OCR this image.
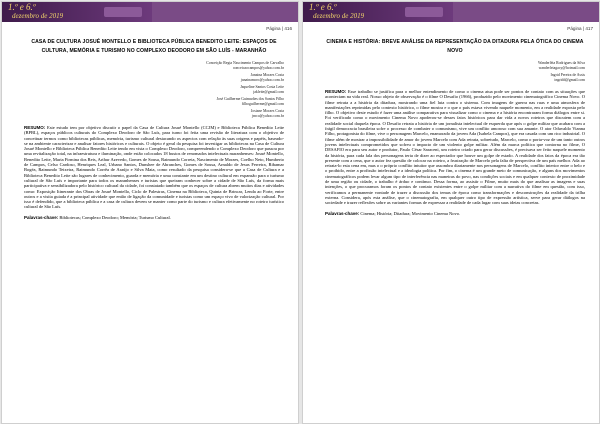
1.º e 6.º
dezembro de 2019
Página | 416
CASA DE CULTURA JOSUÉ MONTELLO E BIBLIOTECA PÚBLICA BENEDITO LEITE: ESPAÇOS DE CULTURA, MEMÓRIA E TURISMO NO COMPLEXO DEODORO EM SÃO LUÍS - MARANHÃO
Conceição Regia Nascimento Campos de Carvalho
conceicaocampos@yahoo.com.br
Janaina Moraes Costa
janainamorc@yahoo.com.br
Jaqueline Santos Costa Leite
jakleite@gmail.com
José Guilherme Guimarães dos Santos Filho
filhoguilherme@gmail.com
Josiane Moraes Costa
jmco@yahoo.com.br

RESUMO: Este estudo tem por objetivo discutir o papel da Casa de Cultura Josué Montello (CCJM) e Biblioteca Pública Benedito Leite (BPBL), espaços públicos culturais do Complexo Deodoro de São Luís, para turno foi feita uma revisão de literatura com o objetivo de conceituar termos como bibliotecas públicas, memória, turismo cultural destacando os aspectos com relação às suas origens e papéis, baseado-se na ambiente caracterizar e analisar fatores históricos e culturais. O objeto é geral da pesquisa foi investigar as bibliotecas na Casa de Cultura Josué Montello e Biblioteca Pública Benedito Leite tendo em vista o Complexo Deodoro, compreendendo o Complexo Deodoro que passou por uma revitalização total, na infraestrutura e iluminação, onde estão colocados 18 bustos de renomados intelectuais maranhenses: Josué Montello, Benedito Leite, Maria Firmina dos Reis, Arthur Azevedo, Gomes de Sousa, Raimundo Correia, Nascimento de Moraes, Coelho Neto, Humberto de Campos, Celso Cardoso, Henriques Leal, Urbano Santos, Dunshee de Abranches, Gomes de Sousa, Arnaldo de Jesus Ferreira, Ribamar Bogéa, Raimundo Teixeira, Raimundo Corrêa de Araújo e Silva Maia, como resultado da pesquisa considera-se que a Casa de Cultura e a Biblioteca Benedito Leite são lugares de conhecimento, guarda e memória e uma constante em um destino cultural em expansão para o turismo cultural de São Luís e importante para todos os maranhenses e turistas que queiram conhecer sobre a cidade de São Luís, da forma mais participativa e sensibilizadora pelo histórico cultural da cidade, foi constatado também que os espaços de cultura abrem muitos dias e atividades como: Exposição Itinerante dos Obras de Josué Montello, Ciclo de Palestras, Cinema na Biblioteca, Quinta de Brincar, Lenda ao Forte, entre outros e a visita guiada é a principal atividade que então de ligação da comunidade e turistas como um espaço vivo de valorização cultural. Por isso é defendido, que a biblioteca pública e a casa de cultura devem se manter como parte do turismo e cultura efetivamente no roteiro turístico cultural de São Luís.

Palavras-chave: Bibliotecas; Complexo Deodoro; Memória; Turismo Cultural.
1.º e 6.º
dezembro de 2019
Página | 417
CINEMA E HISTÓRIA: BREVE ANÁLISE DA REPRESENTAÇÃO DA DITADURA PELA ÓTICA DO CINEMA NOVO
Wanderléia Rodrigues da Silva
wanderleiagacy@hotmail.com
Ingrid Pereira de Assis
ingridd@gmail.com

RESUMO: Esse trabalho se justifica para o melhor entendimento de como o cinema atua pode ser pontos de contato com as situações que aconteciam na vida real. Nosso objeto de observação é o filme O Desafio (1966), produzido pelo movimento cinematográfico Cinema Novo. O filme retrata a a história da ditadura, mostrando uma fiel luta contra o sistema. Com imagens de guerra nas ruas e uma atmosfera de manifestações reprimidas pelo contexto histórico, o filme mostra e o que o país estava vivendo naquele momento, em a realidade exposta pelo filho. O objetivo deste estudo é fazer uma análise comparativa para visualizar como o cinema e a história encontraram forma diálogos entre si. Foi verificado como o movimento Cinema Novo apoderou-se desses fatos históricos para dar vida a novos roteiros que discutem com a realidade social daquela época. O Desafio retrata a história de um jornalista intelectual de esquerda que após o golpe militar que acabara com a frágil democracia brasileira sofre o processo de combater o comunismo, vive um conflito amoroso com sua amante. O ator Oduvaldo Vianna Filho, protagonista do filme, vive o personagem Marcelo, enamorado da jovem Ada (Isabela Campos), que era casada com um rico industrial. O filme além de mostrar a impossibilidade de amor do jovem Marcelo com Ada retrata, sobretudo, Marcelo, como o porta-voz de um tanto outros jovens intelectuais comprometidos que sofreu o impacto de um violento golpe militar. Além da marca política que contorna no filme, O DESAFIO era para seu autor e produtor, Paulo César Saraceni, um roteiro criado para gerar discussões, é precisava ser feito naquele momento da história, para cada fala dos personagens teria de dizer ao espectador que houve um golpe de estado. A realidade dos fatos da época era tão presente com a cena, que o autor fez questão de colocar na roteiro, a frustração de Marcelo pela falta de perspectiva de um país melhor. Ada ao retrata-lo esta cena em, mas o o próprio conflito intuitor que assombra diariamente nos personagens de Marcelo, conflito interior entre o belo e o proibido, entre a profissão intelectual e a ideologia política. Por fim, o cinema é um grande meio de comunicação, e alguns dos movimentos cinematográficos podem levar algum tipo de interferência nas maneiras do povo, nas condições sociais e em qualquer contexto de proximidade de uma região ou cidade, o trabalho é árduo e contínuo. Dessa forma, ao assistir o Filme, muito mais do que analisar as imagens e suas intenções, o que procuramos foram os pontos de contato existentes entre o golpe militar com a narrativa do filme em questão, com isso, verificamos a permanente vontade de trazer a discussão dos temas de época como transformações e desconstruções da realidade da trilha externa. Considera, após esta análise, que o cinematografia, em qualquer outro tipo de expressão artística, serve para gerar diálogos na sociedade e trazer reflexões sobre as variantes formas de expressar a realidade de cada lugar com suas ideias concretas.

Palavras-chave: Cinema; História; Ditadura; Movimento Cinema Novo.
